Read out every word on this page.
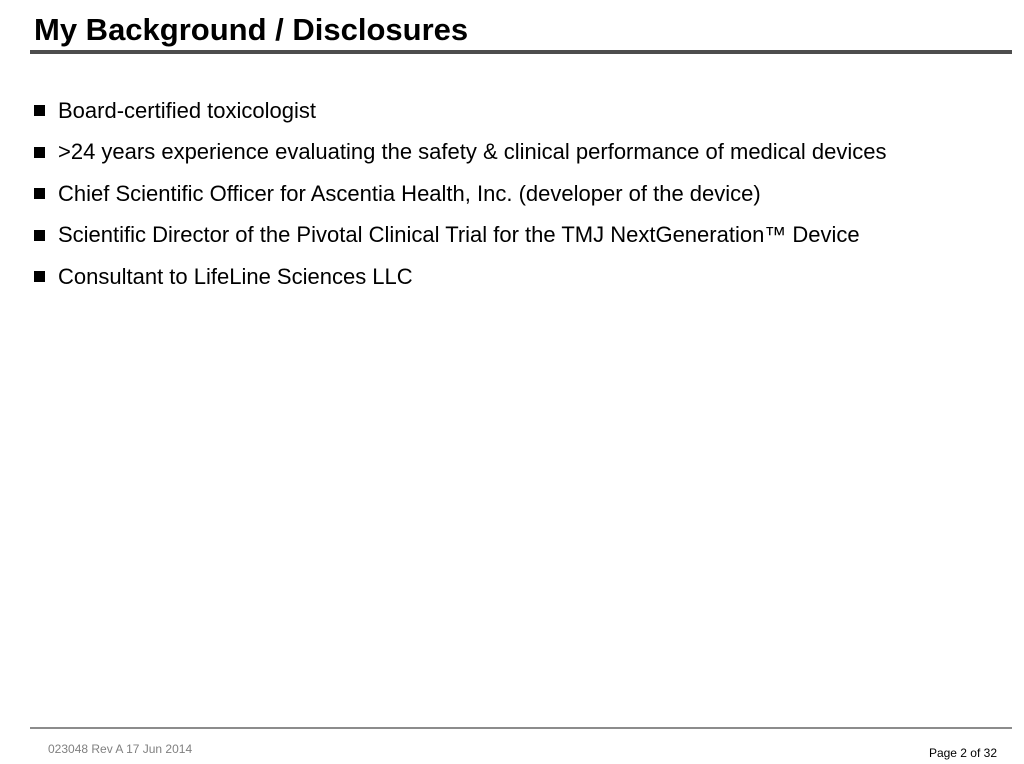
My Background / Disclosures
Board-certified toxicologist
>24 years experience evaluating the safety & clinical performance of medical devices
Chief Scientific Officer for Ascentia Health, Inc. (developer of the device)
Scientific Director of the Pivotal Clinical Trial for the TMJ NextGeneration™ Device
Consultant to LifeLine Sciences LLC
023048 Rev A 17 Jun 2014	Page 2 of 32
